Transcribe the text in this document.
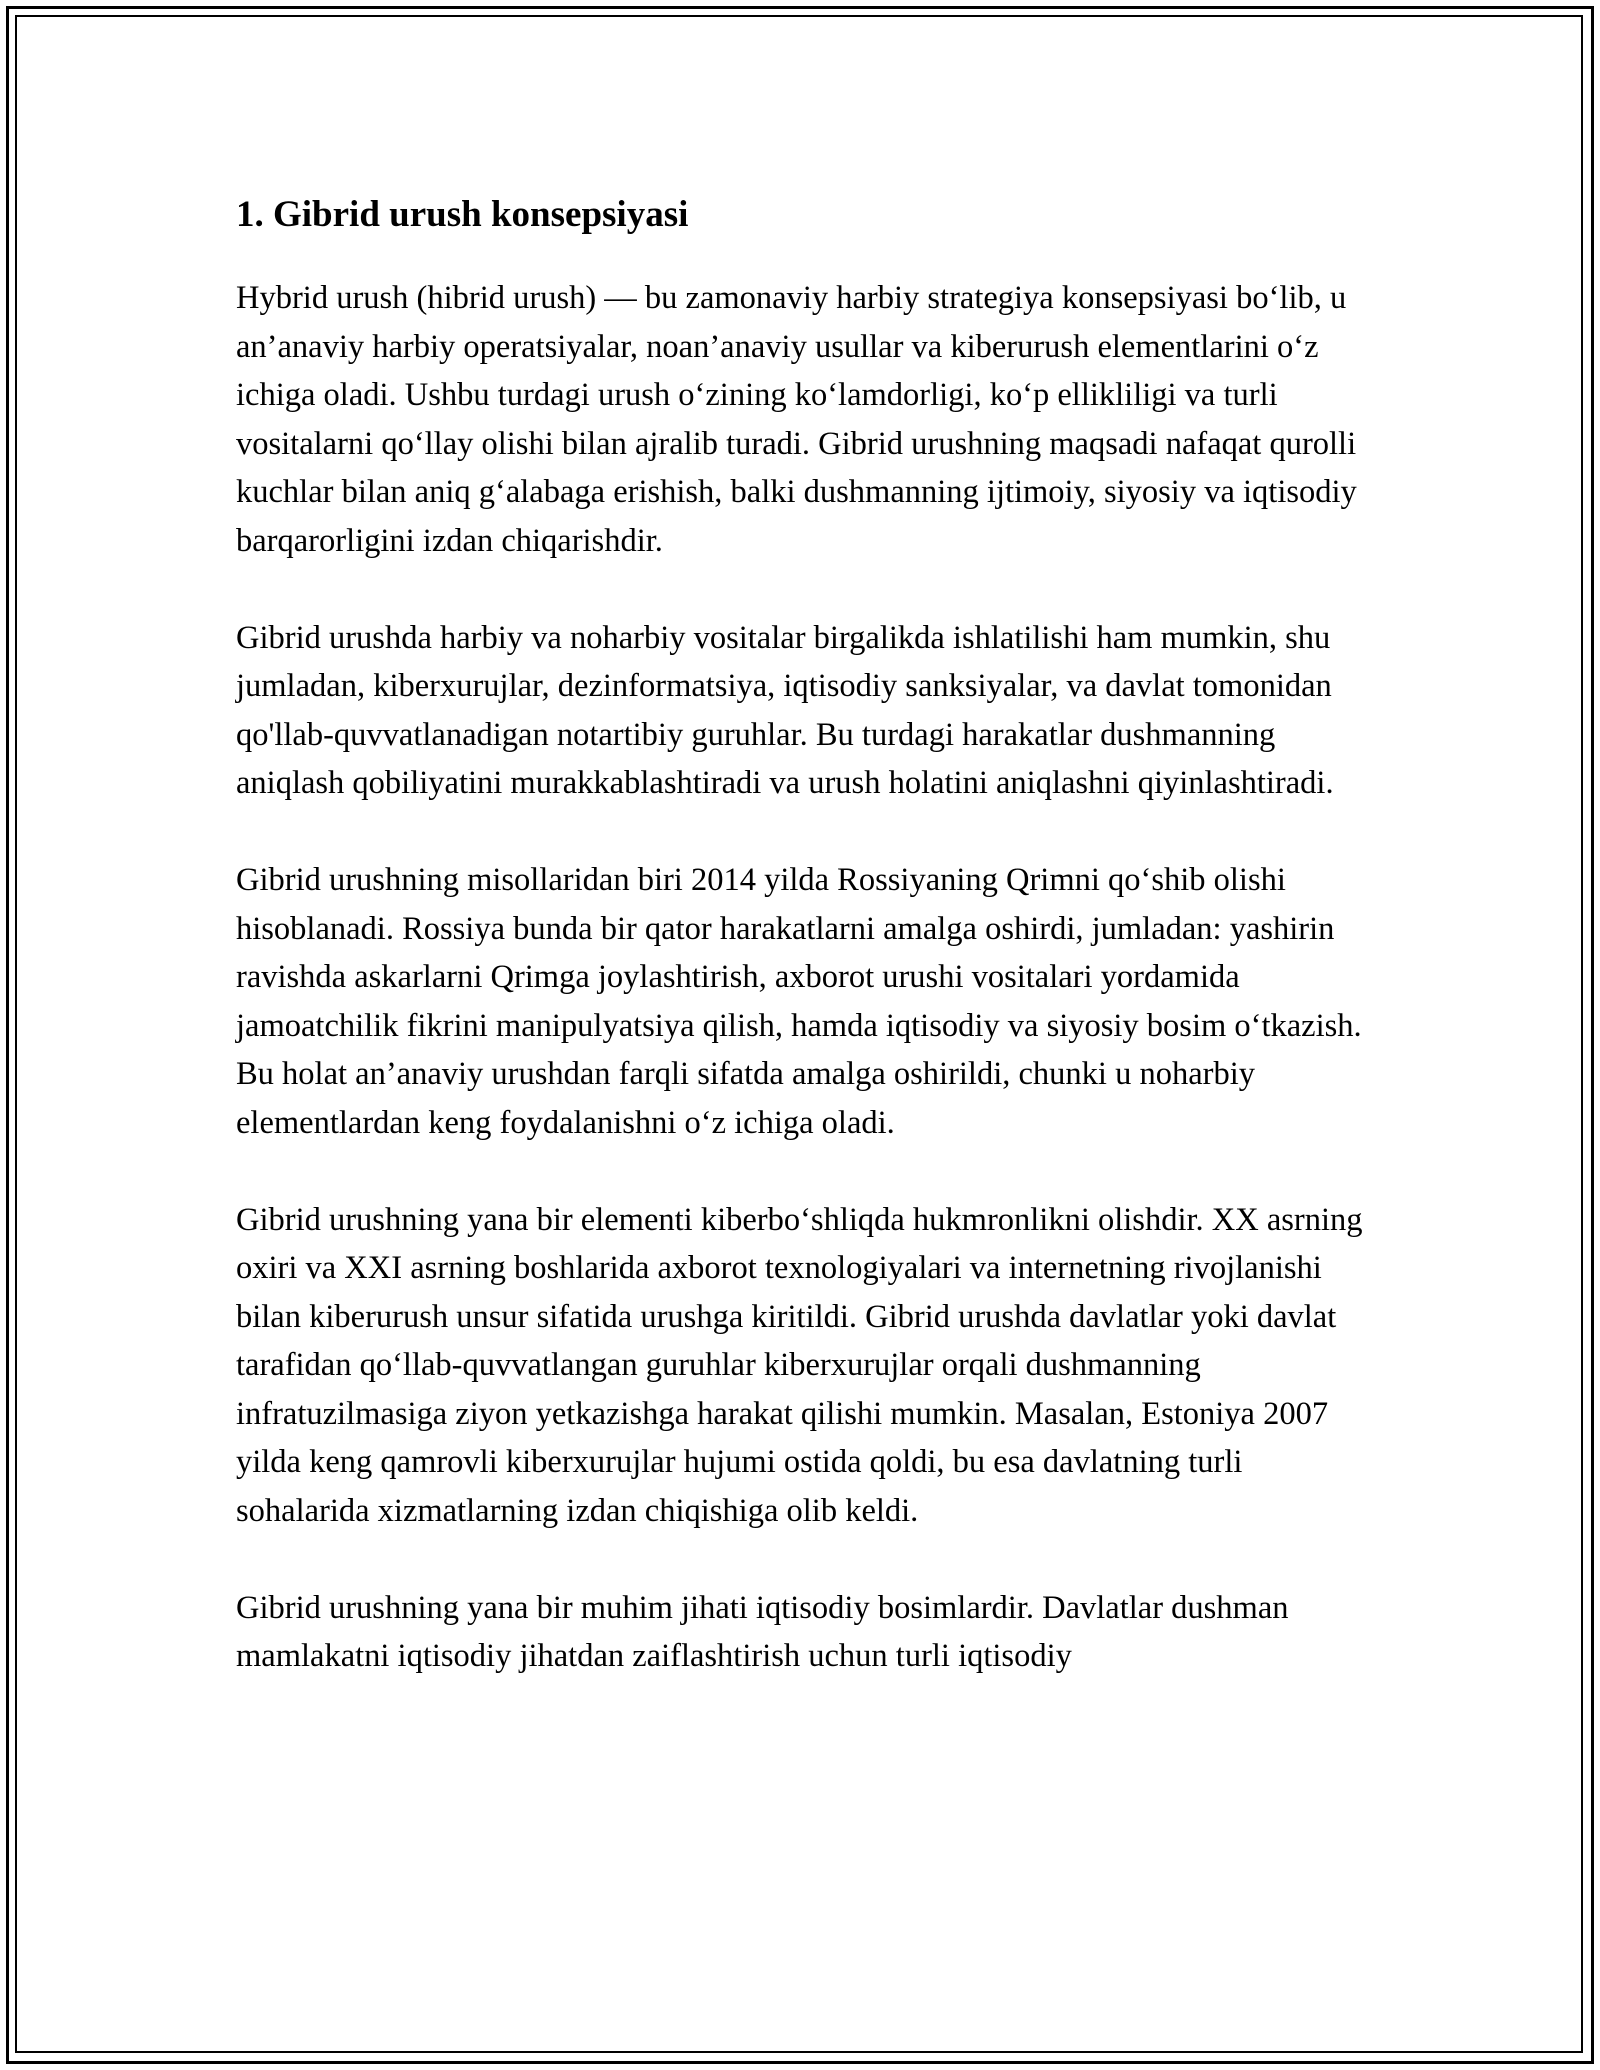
1. Gibrid urush konsepsiyasi

Hybrid urush (hibrid urush) — bu zamonaviy harbiy strategiya konsepsiyasi bo‘lib, u an’anaviy harbiy operatsiyalar, noan’anaviy usullar va kiberurush elementlarini o‘z ichiga oladi. Ushbu turdagi urush o‘zining ko‘lamdorligi, ko‘p ellikliligi va turli vositalarni qo‘llay olishi bilan ajralib turadi. Gibrid urushning maqsadi nafaqat qurolli kuchlar bilan aniq g‘alabaga erishish, balki dushmanning ijtimoiy, siyosiy va iqtisodiy barqarorligini izdan chiqarishdir.

Gibrid urushda harbiy va noharbiy vositalar birgalikda ishlatilishi ham mumkin, shu jumladan, kiberxurujlar, dezinformatsiya, iqtisodiy sanksiyalar, va davlat tomonidan qo'llab-quvvatlanadigan notartibiy guruhlar. Bu turdagi harakatlar dushmanning aniqlash qobiliyatini murakkablashtiradi va urush holatini aniqlashni qiyinlashtiradi.

Gibrid urushning misollaridan biri 2014 yilda Rossiyaning Qrimni qo‘shib olishi hisoblanadi. Rossiya bunda bir qator harakatlarni amalga oshirdi, jumladan: yashirin ravishda askarlarni Qrimga joylashtirish, axborot urushi vositalari yordamida jamoatchilik fikrini manipulyatsiya qilish, hamda iqtisodiy va siyosiy bosim o‘tkazish. Bu holat an’anaviy urushdan farqli sifatda amalga oshirildi, chunki u noharbiy elementlardan keng foydalanishni o‘z ichiga oladi.

Gibrid urushning yana bir elementi kiberbo‘shliqda hukmronlikni olishdir. XX asrning oxiri va XXI asrning boshlarida axborot texnologiyalari va internetning rivojlanishi bilan kiberurush unsur sifatida urushga kiritildi. Gibrid urushda davlatlar yoki davlat tarafidan qo‘llab-quvvatlangan guruhlar kiberxurujlar orqali dushmanning infratuzilmasiga ziyon yetkazishga harakat qilishi mumkin. Masalan, Estoniya 2007 yilda keng qamrovli kiberxurujlar hujumi ostida qoldi, bu esa davlatning turli sohalarida xizmatlarning izdan chiqishiga olib keldi.

Gibrid urushning yana bir muhim jihati iqtisodiy bosimlardir. Davlatlar dushman mamlakatni iqtisodiy jihatdan zaiflashtirish uchun turli iqtisodiy
